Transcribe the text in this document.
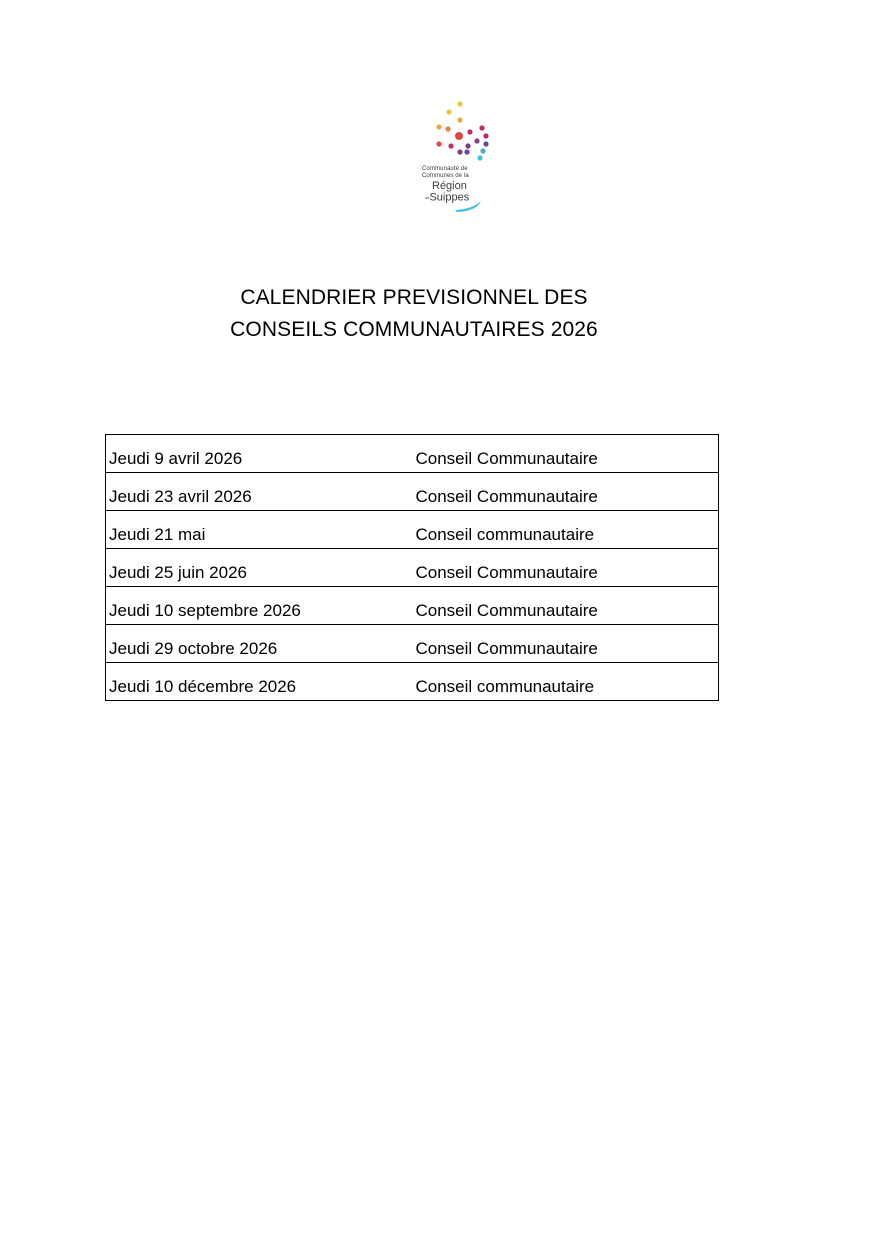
Communauté de
Communes de la
Région
deSuippes
CALENDRIER PREVISIONNEL DES
CONSEILS COMMUNAUTAIRES 2026
Jeudi 9 avril 2026	Conseil Communautaire
Jeudi 23 avril 2026	Conseil Communautaire
Jeudi 21 mai	Conseil communautaire
Jeudi 25 juin 2026	Conseil Communautaire
Jeudi 10 septembre 2026	Conseil Communautaire
Jeudi 29 octobre 2026	Conseil Communautaire
Jeudi 10 décembre 2026	Conseil communautaire
